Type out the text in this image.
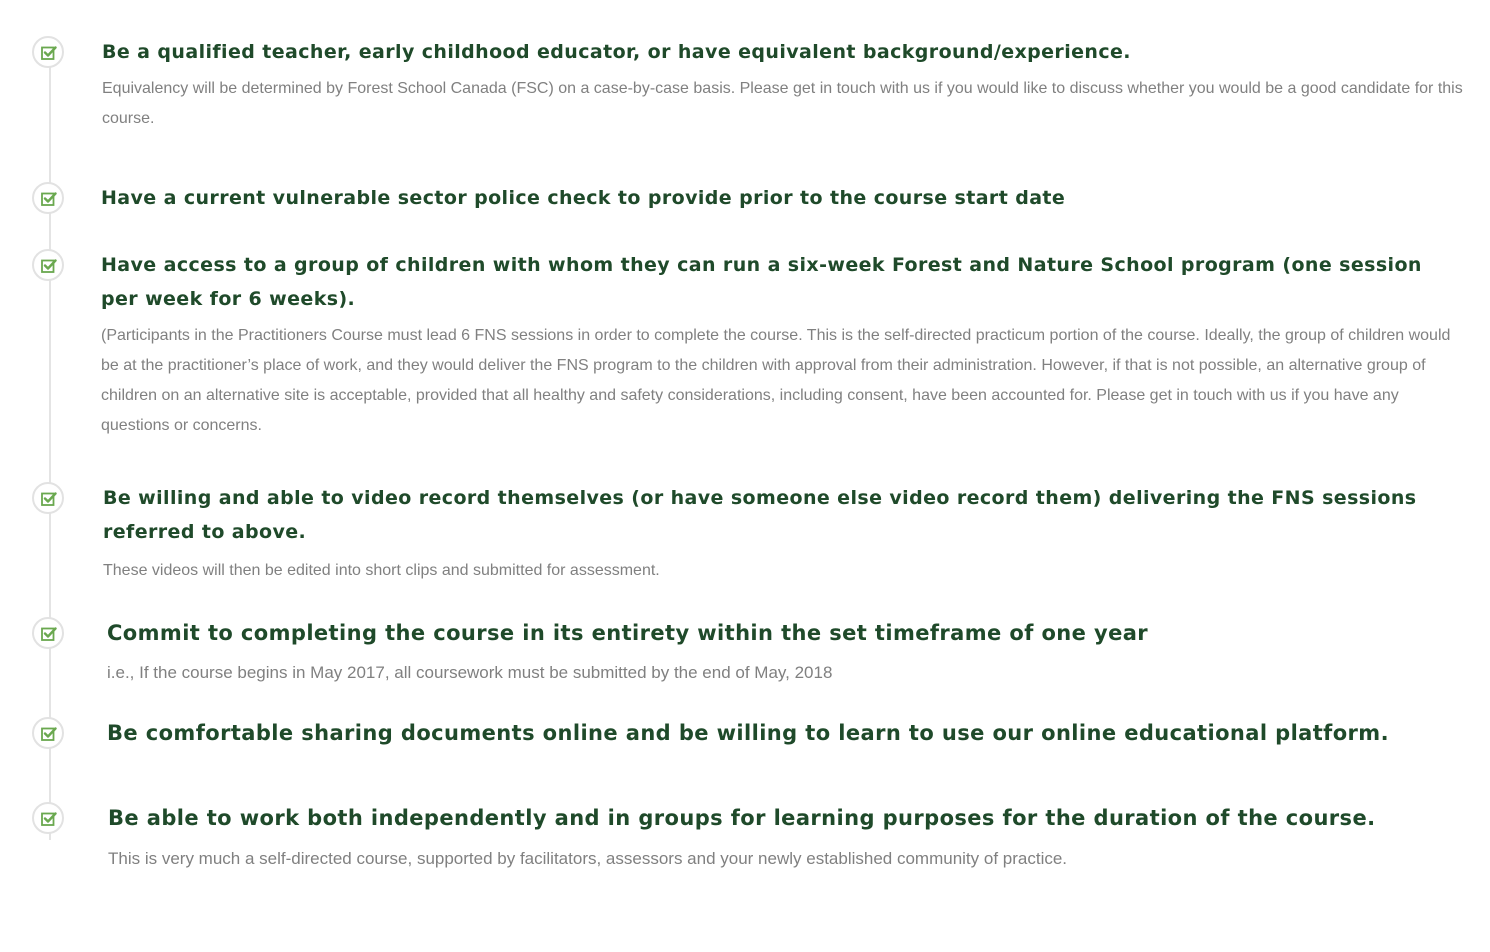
Be a qualified teacher, early childhood educator, or have equivalent background/experience.

Equivalency will be determined by Forest School Canada (FSC) on a case-by-case basis. Please get in touch with us if you would like to discuss whether you would be a good candidate for this course.

Have a current vulnerable sector police check to provide prior to the course start date
Have access to a group of children with whom they can run a six-week Forest and Nature School program (one session per week for 6 weeks).

(Participants in the Practitioners Course must lead 6 FNS sessions in order to complete the course. This is the self-directed practicum portion of the course. Ideally, the group of children would be at the practitioner’s place of work, and they would deliver the FNS program to the children with approval from their administration. However, if that is not possible, an alternative group of children on an alternative site is acceptable, provided that all healthy and safety considerations, including consent, have been accounted for. Please get in touch with us if you have any questions or concerns.

Be willing and able to video record themselves (or have someone else video record them) delivering the FNS sessions referred to above.

These videos will then be edited into short clips and submitted for assessment.

Commit to completing the course in its entirety within the set timeframe of one year

i.e., If the course begins in May 2017, all coursework must be submitted by the end of May, 2018

Be comfortable sharing documents online and be willing to learn to use our online educational platform.
Be able to work both independently and in groups for learning purposes for the duration of the course.

This is very much a self-directed course, supported by facilitators, assessors and your newly established community of practice.
